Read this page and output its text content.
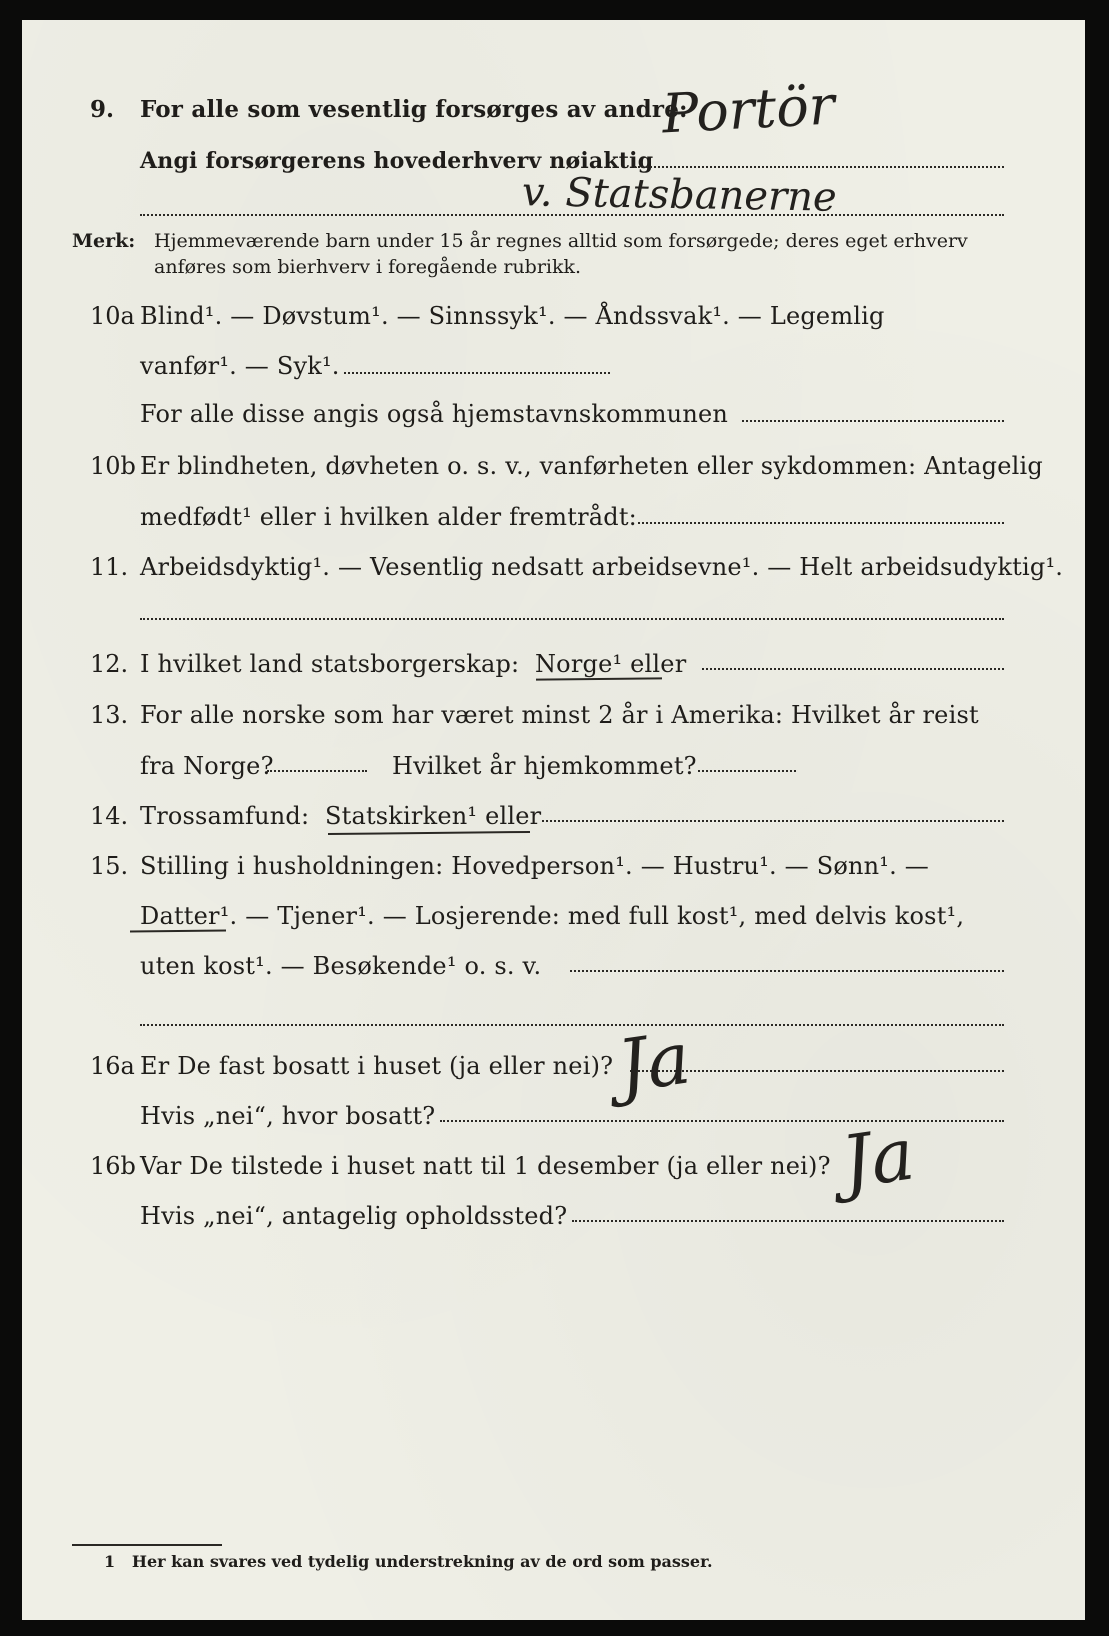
9. For alle som vesentlig forsørges av andre:
Portör
Angi forsørgerens hovederhverv nøiaktig
v. Statsbanerne
Merk: Hjemmeværende barn under 15 år regnes alltid som forsørgede; deres eget erhverv
anføres som bierhverv i foregående rubrikk.
10a Blind¹. — Døvstum¹. — Sinnssyk¹. — Åndssvak¹. — Legemlig
vanfør¹. — Syk¹.
For alle disse angis også hjemstavnskommunen
10b Er blindheten, døvheten o. s. v., vanførheten eller sykdommen: Antagelig
medfødt¹ eller i hvilken alder fremtrådt:
11. Arbeidsdyktig¹. — Vesentlig nedsatt arbeidsevne¹. — Helt arbeidsudyktig¹.
12. I hvilket land statsborgerskap: Norge¹ eller
13. For alle norske som har været minst 2 år i Amerika: Hvilket år reist
fra Norge?	Hvilket år hjemkommet?
14. Trossamfund: Statskirken¹ eller
15. Stilling i husholdningen: Hovedperson¹. — Hustru¹. — Sønn¹. —
Datter¹. — Tjener¹. — Losjerende: med full kost¹, med delvis kost¹,
uten kost¹. — Besøkende¹ o. s. v.
16a Er De fast bosatt i huset (ja eller nei)? Ja
Hvis „nei“, hvor bosatt?
16b Var De tilstede i huset natt til 1 desember (ja eller nei)? Ja
Hvis „nei“, antagelig opholdssted?
1 Her kan svares ved tydelig understrekning av de ord som passer.
